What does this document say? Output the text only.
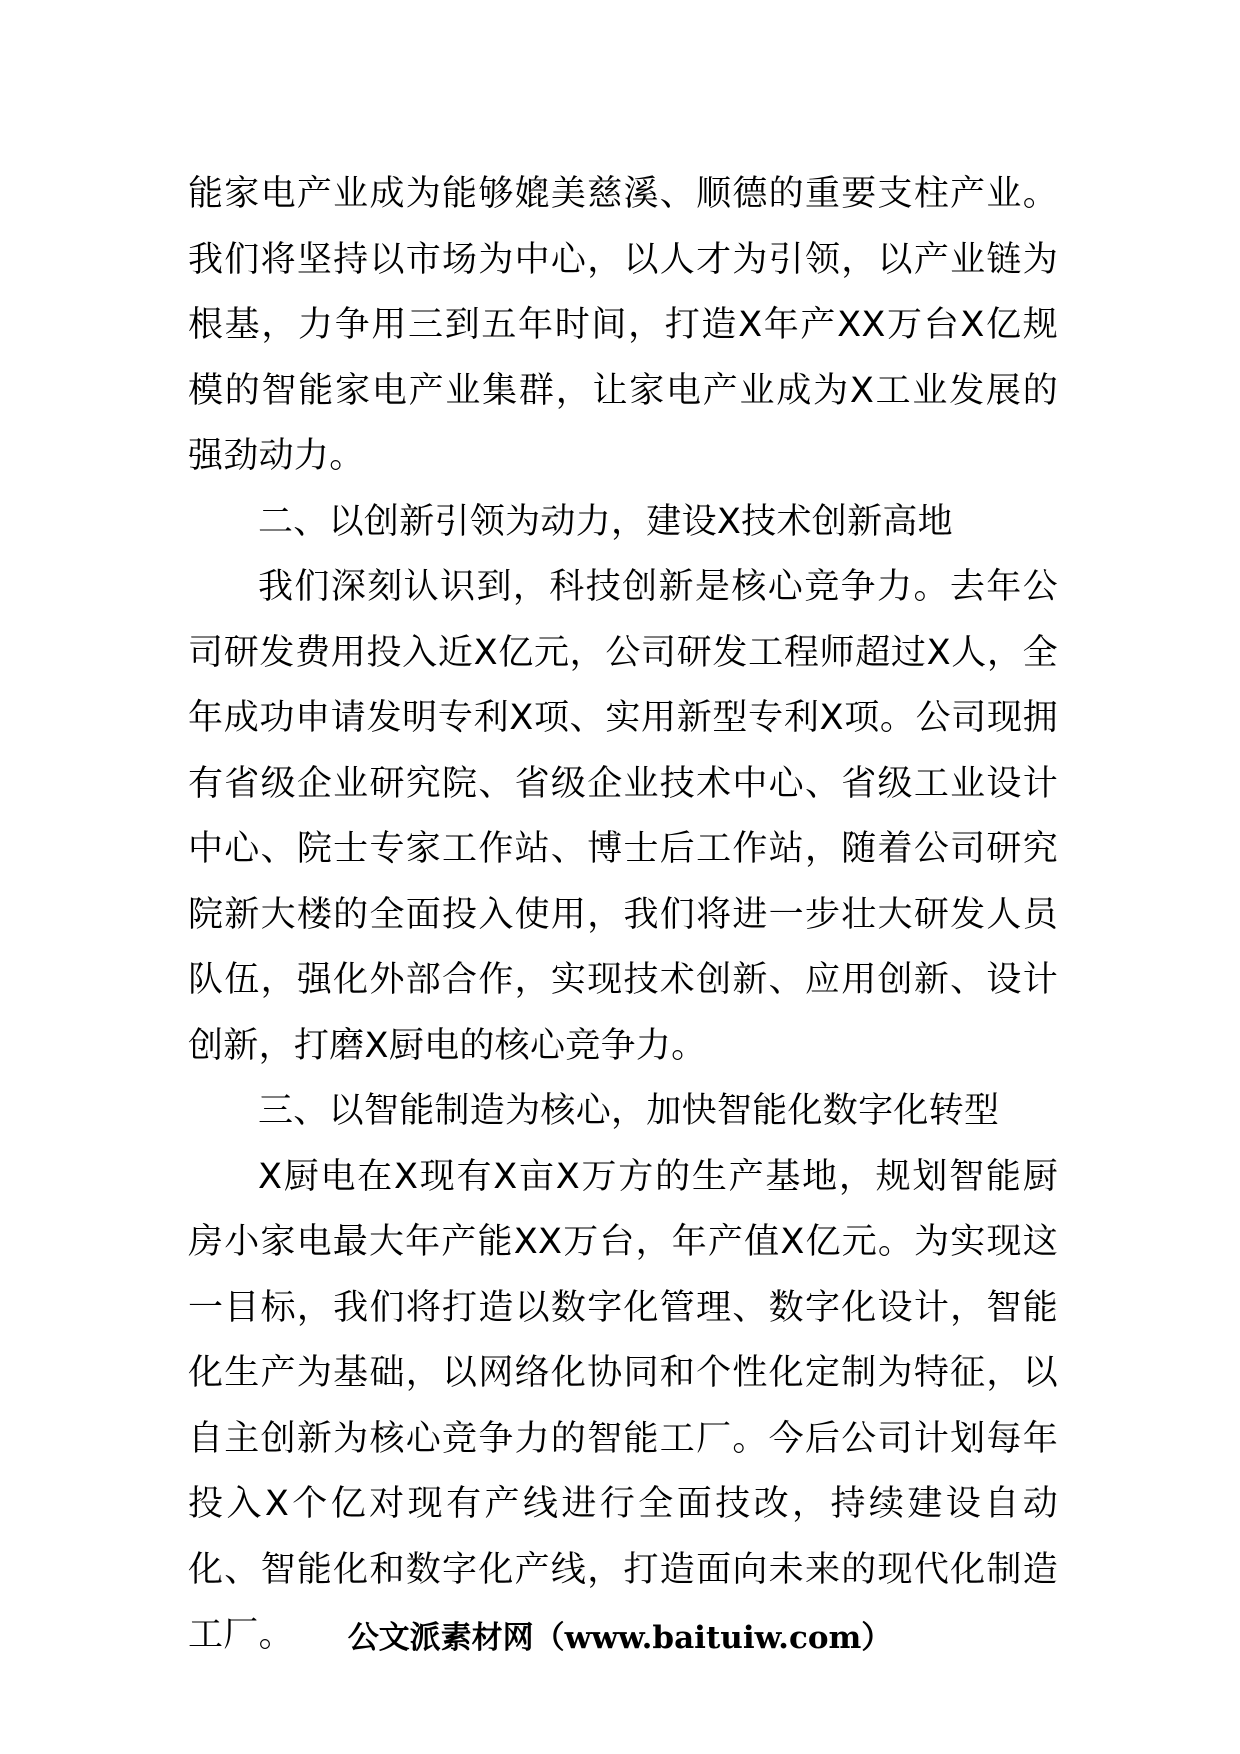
能家电产业成为能够媲美慈溪、顺德的重要支柱产业。我们将坚持以市场为中心，以人才为引领，以产业链为根基，力争用三到五年时间，打造X年产XX万台X亿规模的智能家电产业集群，让家电产业成为X工业发展的强劲动力。

二、以创新引领为动力，建设X技术创新高地

我们深刻认识到，科技创新是核心竞争力。去年公司研发费用投入近X亿元，公司研发工程师超过X人，全年成功申请发明专利X项、实用新型专利X项。公司现拥有省级企业研究院、省级企业技术中心、省级工业设计中心、院士专家工作站、博士后工作站，随着公司研究院新大楼的全面投入使用，我们将进一步壮大研发人员队伍，强化外部合作，实现技术创新、应用创新、设计创新，打磨X厨电的核心竞争力。

三、以智能制造为核心，加快智能化数字化转型

X厨电在X现有X亩X万方的生产基地，规划智能厨房小家电最大年产能XX万台，年产值X亿元。为实现这一目标，我们将打造以数字化管理、数字化设计，智能化生产为基础，以网络化协同和个性化定制为特征，以自主创新为核心竞争力的智能工厂。今后公司计划每年投入X个亿对现有产线进行全面技改，持续建设自动化、智能化和数字化产线，打造面向未来的现代化制造工厂。	公文派素材网（www.baituiw.com）
